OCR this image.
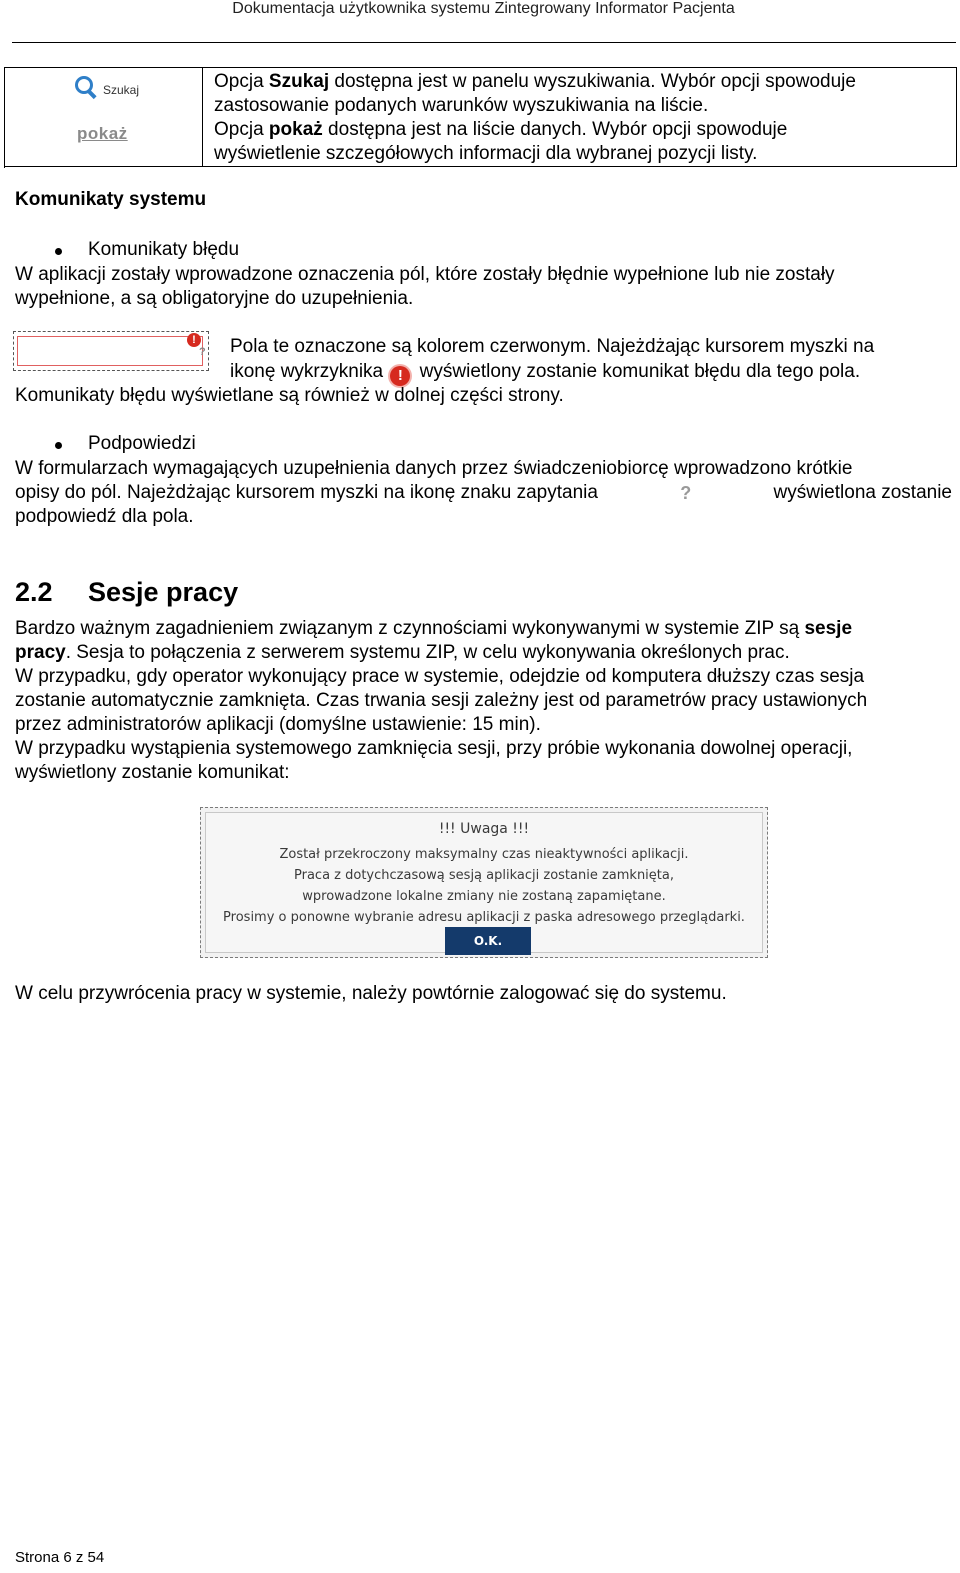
Dokumentacja użytkownika systemu Zintegrowany Informator Pacjenta
Szukaj
pokaż

Opcja Szukaj dostępna jest w panelu wyszukiwania. Wybór opcji spowoduje
zastosowanie podanych warunków wyszukiwania na liście.
Opcja pokaż dostępna jest na liście danych. Wybór opcji spowoduje
wyświetlenie szczegółowych informacji dla wybranej pozycji listy.

Komunikaty systemu
Komunikaty błędu
W aplikacji zostały wprowadzone oznaczenia pól, które zostały błędnie wypełnione lub nie zostały
wypełnione, a są obligatoryjne do uzupełnienia.
!
? Pola te oznaczone są kolorem czerwonym. Najeżdżając kursorem myszki na
ikonę wykrzyknika ! wyświetlony zostanie komunikat błędu dla tego pola.
Komunikaty błędu wyświetlane są również w dolnej części strony.
Podpowiedzi
W formularzach wymagających uzupełnienia danych przez świadczeniobiorcę wprowadzono krótkie
opisy do pól. Najeżdżając kursorem myszki na ikonę znaku zapytania	?	wyświetlona zostanie
podpowiedź dla pola.
2.2 Sesje pracy
Bardzo ważnym zagadnieniem związanym z czynnościami wykonywanymi w systemie ZIP są sesje
pracy. Sesja to połączenia z serwerem systemu ZIP, w celu wykonywania określonych prac.
W przypadku, gdy operator wykonujący prace w systemie, odejdzie od komputera dłuższy czas sesja
zostanie automatycznie zamknięta. Czas trwania sesji zależny jest od parametrów pracy ustawionych
przez administratorów aplikacji (domyślne ustawienie: 15 min).
W przypadku wystąpienia systemowego zamknięcia sesji, przy próbie wykonania dowolnej operacji,
wyświetlony zostanie komunikat:
!!! Uwaga !!!
Został przekroczony maksymalny czas nieaktywności aplikacji.
Praca z dotychczasową sesją aplikacji zostanie zamknięta,
wprowadzone lokalne zmiany nie zostaną zapamiętane.
Prosimy o ponowne wybranie adresu aplikacji z paska adresowego przeglądarki.
O.K.
W celu przywrócenia pracy w systemie, należy powtórnie zalogować się do systemu.
Strona 6 z 54
